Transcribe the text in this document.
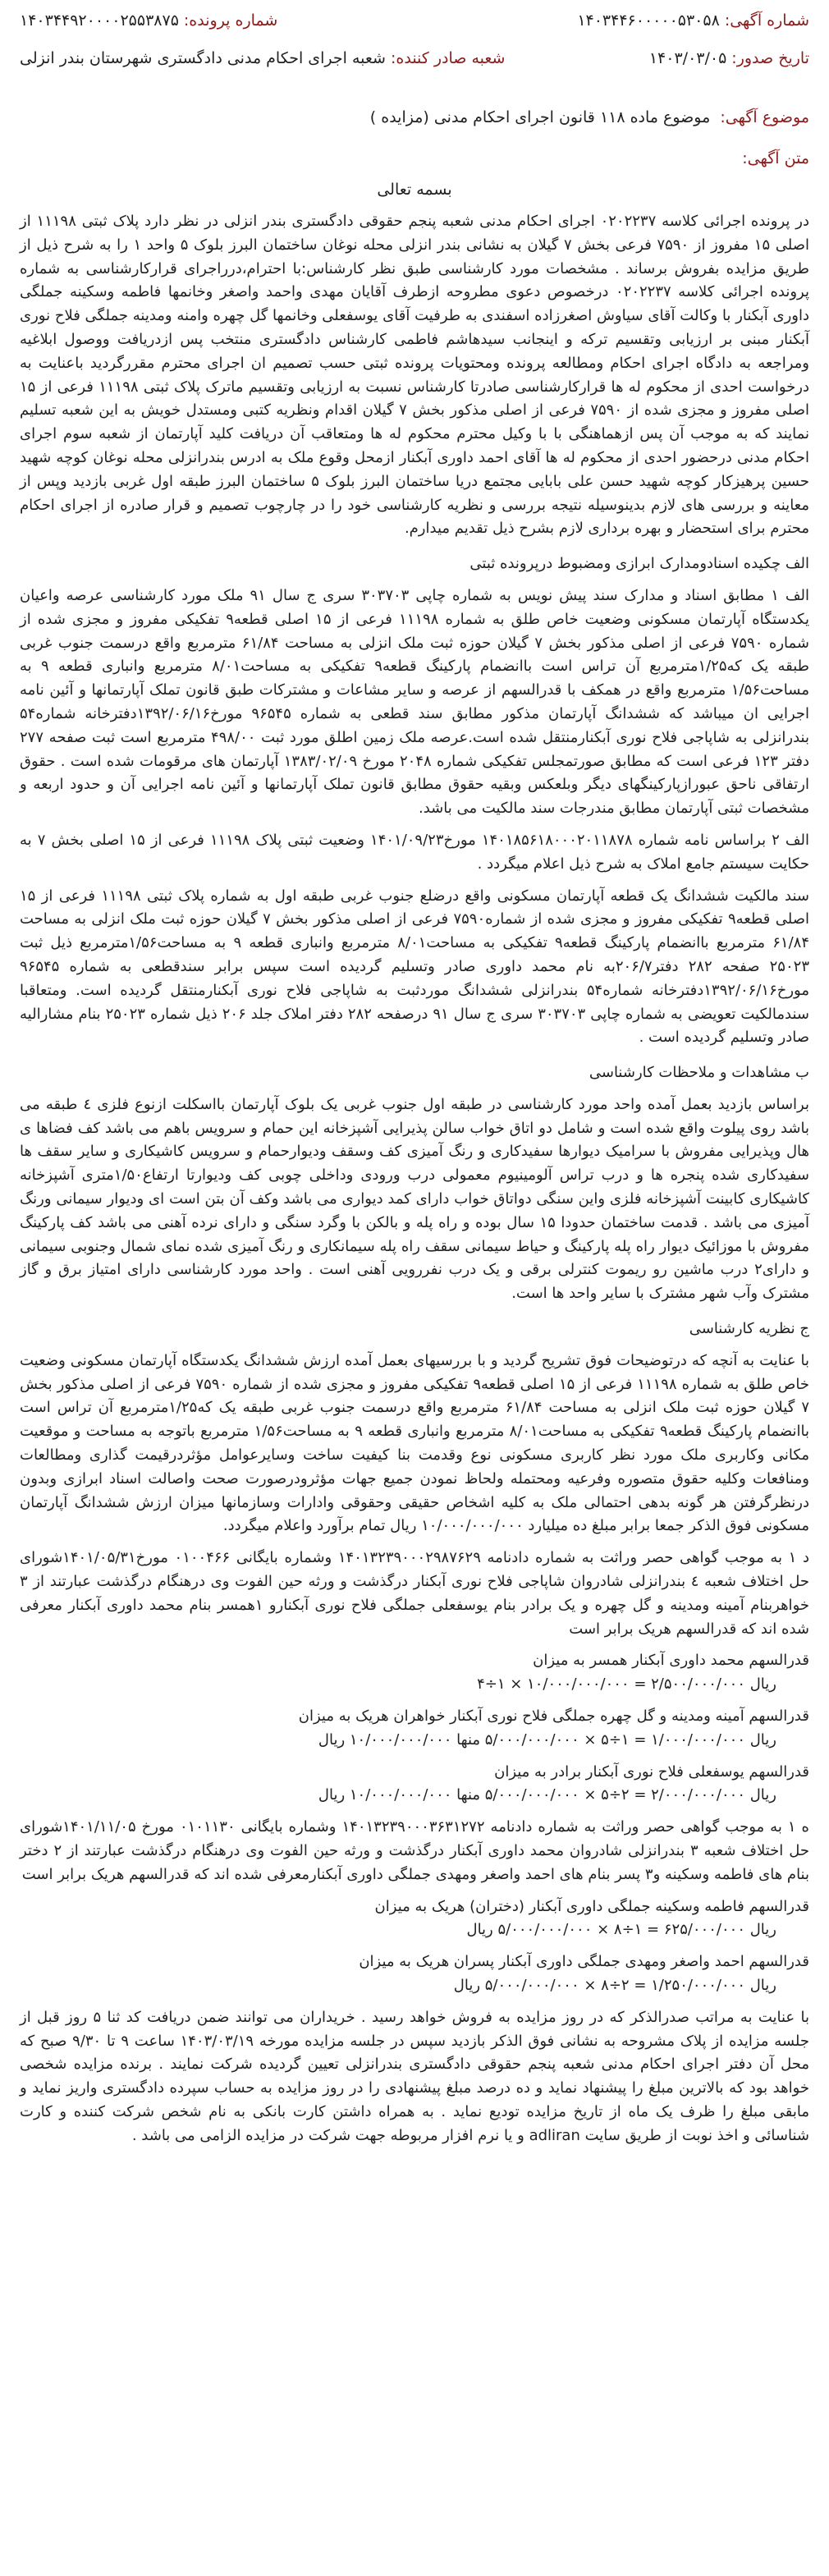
شماره آگهی:
۱۴۰۳۴۴۶۰۰۰۰۰۵۳۰۵۸
شماره پرونده:
۱۴۰۳۴۴۹۲۰۰۰۰۲۵۵۳۸۷۵
تاریخ صدور:
۱۴۰۳/۰۳/۰۵
شعبه صادر کننده:
شعبه اجرای احکام مدنی دادگستری شهرستان بندر انزلی
موضوع آگهی: موضوع ماده ۱۱۸ قانون اجرای احکام مدنی (مزایده )
متن آگهی:
بسمه تعالی

در پرونده اجرائی کلاسه ۰۲۰۲۲۳۷ اجرای احکام مدنی شعبه پنجم حقوقی دادگستری بندر انزلی در نظر دارد پلاک ثبتی ۱۱۱۹۸ از اصلی ۱۵ مفروز از ۷۵۹۰ فرعی بخش ۷ گیلان به نشانی بندر انزلی محله نوغان ساختمان البرز بلوک ۵ واحد ۱ را به شرح ذیل از طریق مزایده بفروش برساند . مشخصات مورد کارشناسی طبق نظر کارشناس:با احترام،درراجرای قرارکارشناسی به شماره پرونده اجرائی کلاسه ۰۲۰۲۲۳۷ درخصوص دعوی مطروحه ازطرف آقایان مهدی واحمد واصغر وخانمها فاطمه وسکینه جملگی داوری آبکنار با وکالت آقای سیاوش اصغرزاده اسفندی به طرفیت آقای یوسفعلی وخانمها گل چهره وامنه ومدینه جملگی فلاح نوری آبکنار مبنی بر ارزیابی وتقسیم ترکه و اینجانب سیدهاشم فاطمی کارشناس دادگستری منتخب پس ازدریافت ووصول ابلاغیه ومراجعه به دادگاه اجرای احکام ومطالعه پرونده ومحتویات پرونده ثبتی حسب تصمیم ان اجرای محترم مقررگردید باعنایت به درخواست احدی از محکوم له ها قرارکارشناسی صادرتا کارشناس نسبت به ارزیابی وتقسیم ماترک پلاک ثبتی ۱۱۱۹۸ فرعی از ۱۵ اصلی مفروز و مجزی شده از ۷۵۹۰ فرعی از اصلی مذکور بخش ۷ گیلان اقدام ونظریه کتبی ومستدل خویش به این شعبه تسلیم نمایند که به موجب آن پس ازهماهنگی با با وکیل محترم محکوم له ها ومتعاقب آن دریافت کلید آپارتمان از شعبه سوم اجرای احکام مدنی درحضور احدی از محکوم له ها آقای احمد داوری آبکنار ازمحل وقوع ملک به ادرس بندرانزلی محله نوغان کوچه شهید حسین پرهیزکار کوچه شهید حسن علی بابایی مجتمع دریا ساختمان البرز بلوک ۵ ساختمان البرز طبقه اول غربی بازدید وپس از معاینه و بررسی های لازم بدینوسیله نتیجه بررسی و نظریه کارشناسی خود را در چارچوب تصمیم و قرار صادره از اجرای احکام محترم برای استحضار و بهره برداری لازم بشرح ذیل تقدیم میدارم.

الف چکیده اسنادومدارک ابرازی ومضبوط درپرونده ثبتی

الف ۱ مطابق اسناد و مدارک سند پیش نویس به شماره چاپی ۳۰۳۷۰۳ سری ج سال ۹۱ ملک مورد کارشناسی عرصه واعیان یکدستگاه آپارتمان مسکونی وضعیت خاص طلق به شماره ۱۱۱۹۸ فرعی از ۱۵ اصلی قطعه۹ تفکیکی مفروز و مجزی شده از شماره ۷۵۹۰ فرعی از اصلی مذکور بخش ۷ گیلان حوزه ثبت ملک انزلی به مساحت ۶۱/۸۴ مترمربع واقع درسمت جنوب غربی طبقه یک که۱/۲۵مترمربع آن تراس است باانضمام پارکینگ قطعه۹ تفکیکی به مساحت۸/۰۱ مترمربع وانباری قطعه ۹ به مساحت۱/۵۶ مترمربع واقع در همکف با قدرالسهم از عرصه و سایر مشاعات و مشترکات طبق قانون تملک آپارتمانها و آئین نامه اجرایی ان میباشد که ششدانگ آپارتمان مذکور مطابق سند قطعی به شماره ۹۶۵۴۵ مورخ۱۳۹۲/۰۶/۱۶دفترخانه شماره۵۴ بندرانزلی به شاپاجی فلاح نوری آبکنارمنتقل شده است.عرصه ملک زمین اطلق مورد ثبت ۴۹۸/۰۰ مترمربع است ثبت صفحه ۲۷۷ دفتر ۱۲۳ فرعی است که مطابق صورتمجلس تفکیکی شماره ۲۰۴۸ مورخ ۱۳۸۳/۰۲/۰۹ آپارتمان های مرقومات شده است . حقوق ارتفاقی ناحق عبورازپارکینگهای دیگر وبلعکس وبقیه حقوق مطابق قانون تملک آپارتمانها و آئین نامه اجرایی آن و حدود اربعه و مشخصات ثبتی آپارتمان مطابق مندرجات سند مالکیت می باشد.

الف ۲ براساس نامه شماره ۱۴۰۱۸۵۶۱۸۰۰۰۲۰۱۱۸۷۸ مورخ۱۴۰۱/۰۹/۲۳ وضعیت ثبتی پلاک ۱۱۱۹۸ فرعی از ۱۵ اصلی بخش ۷ به حکایت سیستم جامع املاک به شرح ذیل اعلام میگردد .

سند مالکیت ششدانگ یک قطعه آپارتمان مسکونی واقع درضلع جنوب غربی طبقه اول به شماره پلاک ثبتی ۱۱۱۹۸ فرعی از ۱۵ اصلی قطعه۹ تفکیکی مفروز و مجزی شده از شماره۷۵۹۰ فرعی از اصلی مذکور بخش ۷ گیلان حوزه ثبت ملک انزلی به مساحت ۶۱/۸۴ مترمربع باانضمام پارکینگ قطعه۹ تفکیکی به مساحت۸/۰۱ مترمربع وانباری قطعه ۹ به مساحت۱/۵۶مترمربع ذیل ثبت ۲۵۰۲۳ صفحه ۲۸۲ دفتر۲۰۶/۷به نام محمد داوری صادر وتسلیم گردیده است سپس برابر سندقطعی به شماره ۹۶۵۴۵ مورخ۱۳۹۲/۰۶/۱۶دفترخانه شماره۵۴ بندرانزلی ششدانگ موردثبت به شاپاجی فلاح نوری آبکنارمنتقل گردیده است. ومتعاقبا سندمالکیت تعویضی به شماره چاپی ۳۰۳۷۰۳ سری ج سال ۹۱ درصفحه ۲۸۲ دفتر املاک جلد ۲۰۶ ذیل شماره ۲۵۰۲۳ بنام مشارالیه صادر وتسلیم گردیده است .

ب مشاهدات و ملاحظات کارشناسی

براساس بازدید بعمل آمده واحد مورد کارشناسی در طبقه اول جنوب غربی یک بلوک آپارتمان بااسکلت ازنوع فلزی ٤ طبقه می باشد روی پیلوت واقع شده است و شامل دو اتاق خواب سالن پذیرایی آشپزخانه این حمام و سرویس باهم می باشد کف فضاها ی هال وپذیرایی مفروش با سرامیک دیوارها سفیدکاری و رنگ آمیزی کف وسقف ودیوارحمام و سرویس کاشیکاری و سایر سقف ها سفیدکاری شده پنجره ها و درب تراس آلومینیوم معمولی درب ورودی وداخلی چوبی کف ودیوارتا ارتفاع۱/۵۰متری آشپزخانه کاشیکاری کابینت آشپزخانه فلزی واین سنگی دواتاق خواب دارای کمد دیواری می باشد وکف آن بتن است ای ودیوار سیمانی ورنگ آمیزی می باشد . قدمت ساختمان حدودا ۱۵ سال بوده و راه پله و بالکن با وگرد سنگی و دارای نرده آهنی می باشد کف پارکینگ مفروش با موزائیک دیوار راه پله پارکینگ و حیاط سیمانی سقف راه پله سیمانکاری و رنگ آمیزی شده نمای شمال وجنوبی سیمانی و دارای۲ درب ماشین رو ریموت کنترلی برقی و یک درب نفررویی آهنی است . واحد مورد کارشناسی دارای امتیاز برق و گاز مشترک وآب شهر مشترک با سایر واحد ها است.

ج نظریه کارشناسی

با عنایت به آنچه که درتوضیحات فوق تشریح گردید و با بررسیهای بعمل آمده ارزش ششدانگ یکدستگاه آپارتمان مسکونی وضعیت خاص طلق به شماره ۱۱۱۹۸ فرعی از ۱۵ اصلی قطعه۹ تفکیکی مفروز و مجزی شده از شماره ۷۵۹۰ فرعی از اصلی مذکور بخش ۷ گیلان حوزه ثبت ملک انزلی به مساحت ۶۱/۸۴ مترمربع واقع درسمت جنوب غربی طبقه یک که۱/۲۵مترمربع آن تراس است باانضمام پارکینگ قطعه۹ تفکیکی به مساحت۸/۰۱ مترمربع وانباری قطعه ۹ به مساحت۱/۵۶ مترمربع باتوجه به مساحت و موقعیت مکانی وکاربری ملک مورد نظر کاربری مسکونی نوع وقدمت بنا کیفیت ساخت وسایرعوامل مؤثردرقیمت گذاری ومطالعات ومنافعات وکلیه حقوق متصوره وفرعیه ومحتمله ولحاظ نمودن جمیع جهات مؤثرودرصورت صحت واصالت اسناد ابرازی وبدون درنظرگرفتن هر گونه بدهی احتمالی ملک به کلیه اشخاص حقیقی وحقوقی وادارات وسازمانها میزان ارزش ششدانگ آپارتمان مسکونی فوق الذکر جمعا برابر مبلغ ده میلیارد ۱۰/۰۰۰/۰۰۰/۰۰۰ ریال تمام برآورد واعلام میگردد.

د ۱ به موجب گواهی حصر وراثت به شماره دادنامه ۱۴۰۱۳۲۳۹۰۰۰۲۹۸۷۶۲۹ وشماره بایگانی ۰۱۰۰۴۶۶ مورخ۱۴۰۱/۰۵/۳۱شورای حل اختلاف شعبه ٤ بندرانزلی شادروان شاپاجی فلاح نوری آبکنار درگذشت و ورثه حین الفوت وی درهنگام درگذشت عبارتند از ۳ خواهربنام آمینه ومدینه و گل چهره و یک برادر بنام یوسفعلی جملگی فلاح نوری آبکنارو ۱همسر بنام محمد داوری آبکنار معرفی شده اند که قدرالسهم هریک برابر است

قدرالسهم محمد داوری آبکنار همسر به میزان
ریال ۲/۵۰۰/۰۰۰/۰۰۰ = ۱۰/۰۰۰/۰۰۰/۰۰۰ × ۱÷۴
قدرالسهم آمینه ومدینه و گل چهره جملگی فلاح نوری آبکنار خواهران هریک به میزان
ریال ۱/۰۰۰/۰۰۰/۰۰۰ = ۱÷۵ × ۵/۰۰۰/۰۰۰/۰۰۰ منها ۱۰/۰۰۰/۰۰۰/۰۰۰ ریال
قدرالسهم یوسفعلی فلاح نوری آبکنار برادر به میزان
ریال ۲/۰۰۰/۰۰۰/۰۰۰ = ۲÷۵ × ۵/۰۰۰/۰۰۰/۰۰۰ منها ۱۰/۰۰۰/۰۰۰/۰۰۰ ریال

ه ۱ به موجب گواهی حصر وراثت به شماره دادنامه ۱۴۰۱۳۲۳۹۰۰۰۳۶۳۱۲۷۲ وشماره بایگانی ۰۱۰۱۱۳۰ مورخ ۱۴۰۱/۱۱/۰۵شورای حل اختلاف شعبه ۳ بندرانزلی شادروان محمد داوری آبکنار درگذشت و ورثه حین الفوت وی درهنگام درگذشت عبارتند از ۲ دختر بنام های فاطمه وسکینه و۳ پسر بنام های احمد واصغر ومهدی جملگی داوری آبکنارمعرفی شده اند که قدرالسهم هریک برابر است

قدرالسهم فاطمه وسکینه جملگی داوری آبکنار (دختران) هریک به میزان
ریال ۶۲۵/۰۰۰/۰۰۰ = ۱÷۸ × ۵/۰۰۰/۰۰۰/۰۰۰ ریال
قدرالسهم احمد واصغر ومهدی جملگی داوری آبکنار پسران هریک به میزان
ریال ۱/۲۵۰/۰۰۰/۰۰۰ = ۲÷۸ × ۵/۰۰۰/۰۰۰/۰۰۰ ریال

با عنایت به مراتب صدرالذکر که در روز مزایده به فروش خواهد رسید . خریداران می توانند ضمن دریافت کد ثنا ۵ روز قبل از جلسه مزایده از پلاک مشروحه به نشانی فوق الذکر بازدید سپس در جلسه مزایده مورخه ۱۴۰۳/۰۳/۱۹ ساعت ۹ تا ۹/۳۰ صبح که محل آن دفتر اجرای احکام مدنی شعبه پنجم حقوقی دادگستری بندرانزلی تعیین گردیده شرکت نمایند . برنده مزایده شخصی خواهد بود که بالاترین مبلغ را پیشنهاد نماید و ده درصد مبلغ پیشنهادی را در روز مزایده به حساب سپرده دادگستری واریز نماید و مابقی مبلغ را ظرف یک ماه از تاریخ مزایده تودیع نماید . به همراه داشتن کارت بانکی به نام شخص شرکت کننده و کارت شناسائی و اخذ نوبت از طریق سایت adliran و یا نرم افزار مربوطه جهت شرکت در مزایده الزامی می باشد .
